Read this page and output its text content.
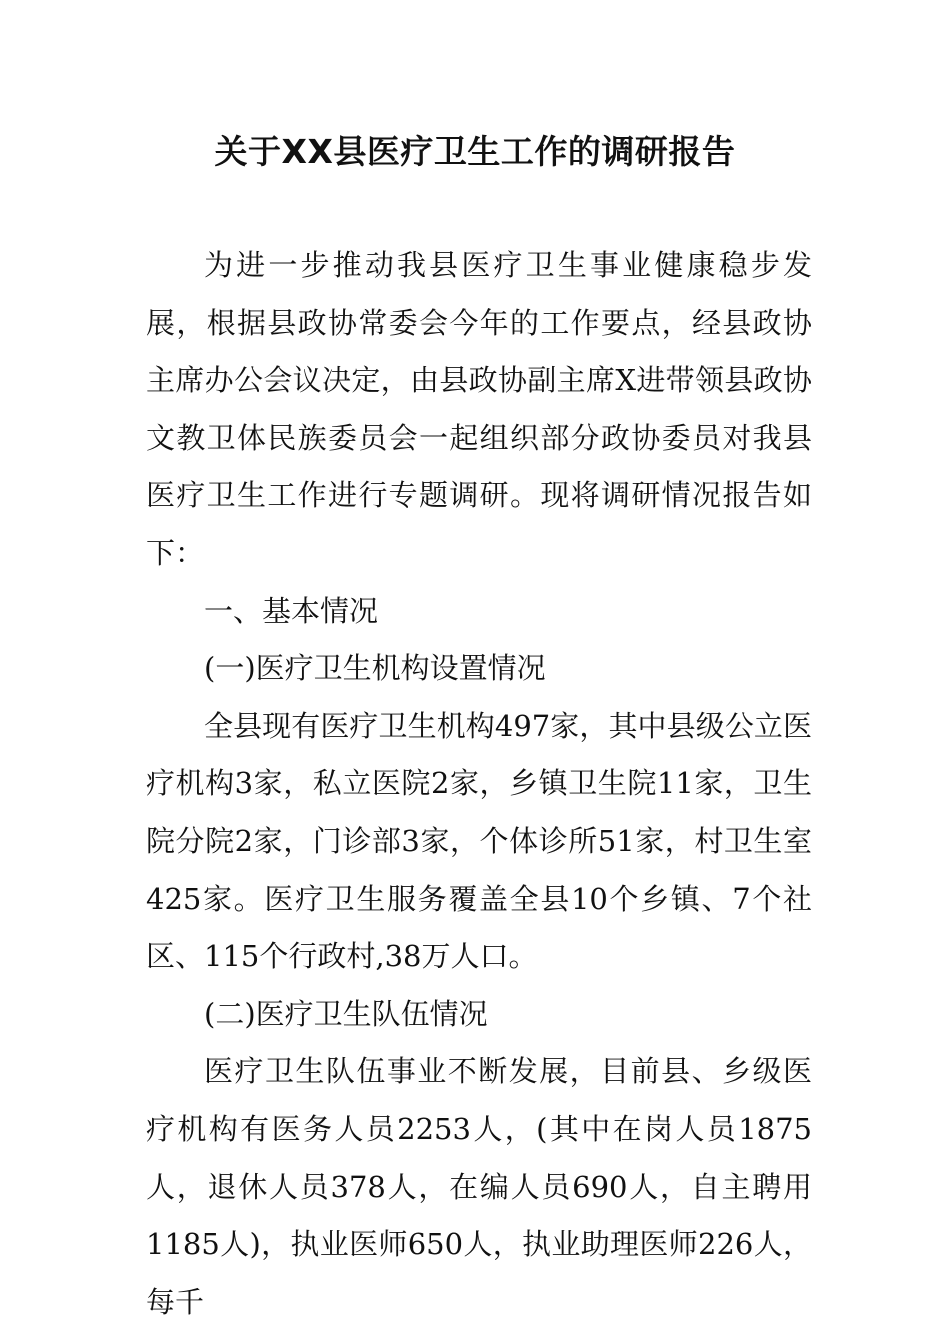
关于XX县医疗卫生工作的调研报告

为进一步推动我县医疗卫生事业健康稳步发展，根据县政协常委会今年的工作要点，经县政协主席办公会议决定，由县政协副主席X进带领县政协文教卫体民族委员会一起组织部分政协委员对我县医疗卫生工作进行专题调研。现将调研情况报告如下：

一、基本情况

(一)医疗卫生机构设置情况

全县现有医疗卫生机构497家，其中县级公立医疗机构3家，私立医院2家，乡镇卫生院11家，卫生院分院2家，门诊部3家，个体诊所51家，村卫生室425家。医疗卫生服务覆盖全县10个乡镇、7个社区、115个行政村,38万人口。

(二)医疗卫生队伍情况

医疗卫生队伍事业不断发展，目前县、乡级医疗机构有医务人员2253人，(其中在岗人员1875人，退休人员378人，在编人员690人，自主聘用1185人)，执业医师650人，执业助理医师226人，每千
